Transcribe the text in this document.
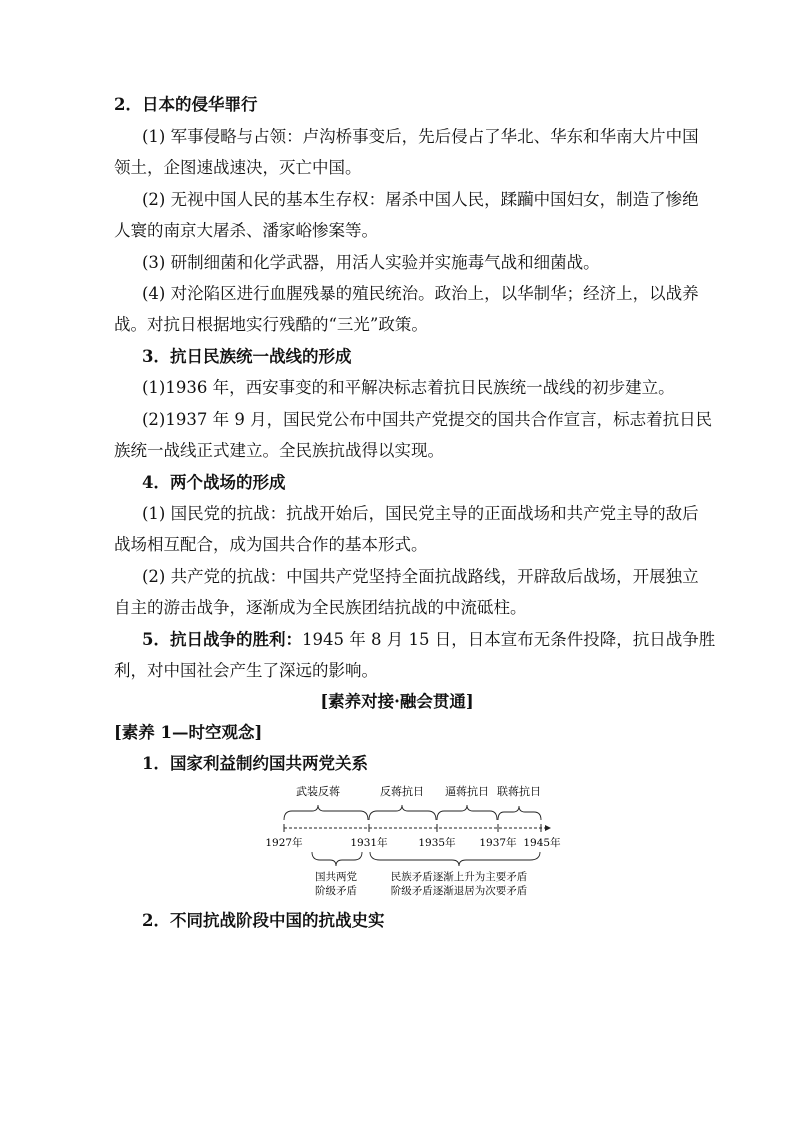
2．日本的侵华罪行
(1) 军事侵略与占领：卢沟桥事变后，先后侵占了华北、华东和华南大片中国
领土，企图速战速决，灭亡中国。
(2) 无视中国人民的基本生存权：屠杀中国人民，蹂躏中国妇女，制造了惨绝
人寰的南京大屠杀、潘家峪惨案等。
(3) 研制细菌和化学武器，用活人实验并实施毒气战和细菌战。
(4) 对沦陷区进行血腥残暴的殖民统治。政治上，以华制华；经济上，以战养
战。对抗日根据地实行残酷的“三光”政策。
3．抗日民族统一战线的形成
(1)1936 年，西安事变的和平解决标志着抗日民族统一战线的初步建立。
(2)1937 年 9 月，国民党公布中国共产党提交的国共合作宣言，标志着抗日民
族统一战线正式建立。全民族抗战得以实现。
4．两个战场的形成
(1) 国民党的抗战：抗战开始后，国民党主导的正面战场和共产党主导的敌后
战场相互配合，成为国共合作的基本形式。
(2) 共产党的抗战：中国共产党坚持全面抗战路线，开辟敌后战场，开展独立
自主的游击战争，逐渐成为全民族团结抗战的中流砥柱。
5．抗日战争的胜利：1945 年 8 月 15 日，日本宣布无条件投降，抗日战争胜
利，对中国社会产生了深远的影响。
[素养对接·融会贯通]
[素养 1—时空观念]
1．国家利益制约国共两党关系
武装反蒋	反蒋抗日 逼蒋抗日 联蒋抗日
1927年	1931年	1935年 1937年 1945年
国共两党
阶级矛盾
民族矛盾逐渐上升为主要矛盾
阶级矛盾逐渐退居为次要矛盾
2．不同抗战阶段中国的抗战史实
